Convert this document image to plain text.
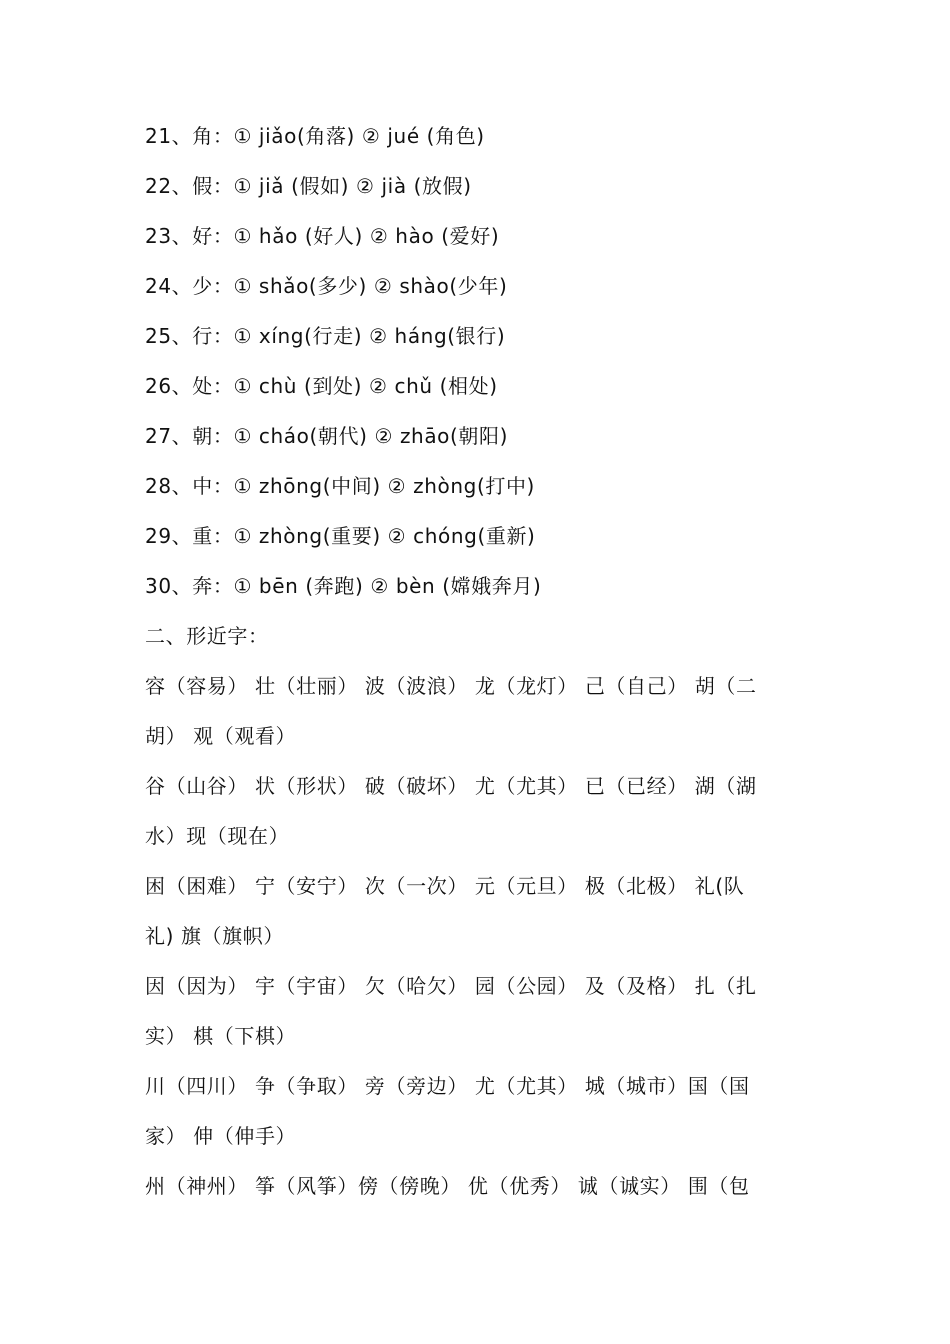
21、角：① jiǎo(角落) ② jué (角色)
22、假：① jiǎ (假如) ② jià (放假)
23、好：① hǎo (好人) ② hào (爱好)
24、少：① shǎo(多少) ② shào(少年)
25、行：① xíng(行走) ② háng(银行)
26、处：① chù (到处) ② chǔ (相处)
27、朝：① cháo(朝代) ② zhāo(朝阳)
28、中：① zhōng(中间) ② zhòng(打中)
29、重：① zhòng(重要) ② chóng(重新)
30、奔：① bēn (奔跑) ② bèn (嫦娥奔月)
二、形近字：
容（容易） 壮（壮丽） 波（波浪） 龙（龙灯） 己（自己） 胡（二
胡） 观（观看）
谷（山谷） 状（形状） 破（破坏） 尤（尤其） 已（已经） 湖（湖
水）现（现在）
困（困难） 宁（安宁） 次（一次） 元（元旦） 极（北极） 礼(队
礼) 旗（旗帜）
因（因为） 宇（宇宙） 欠（哈欠） 园（公园） 及（及格） 扎（扎
实） 棋（下棋）
川（四川） 争（争取） 旁（旁边） 尤（尤其） 城（城市）国（国
家） 伸（伸手）
州（神州） 筝（风筝）傍（傍晚） 优（优秀） 诚（诚实） 围（包
